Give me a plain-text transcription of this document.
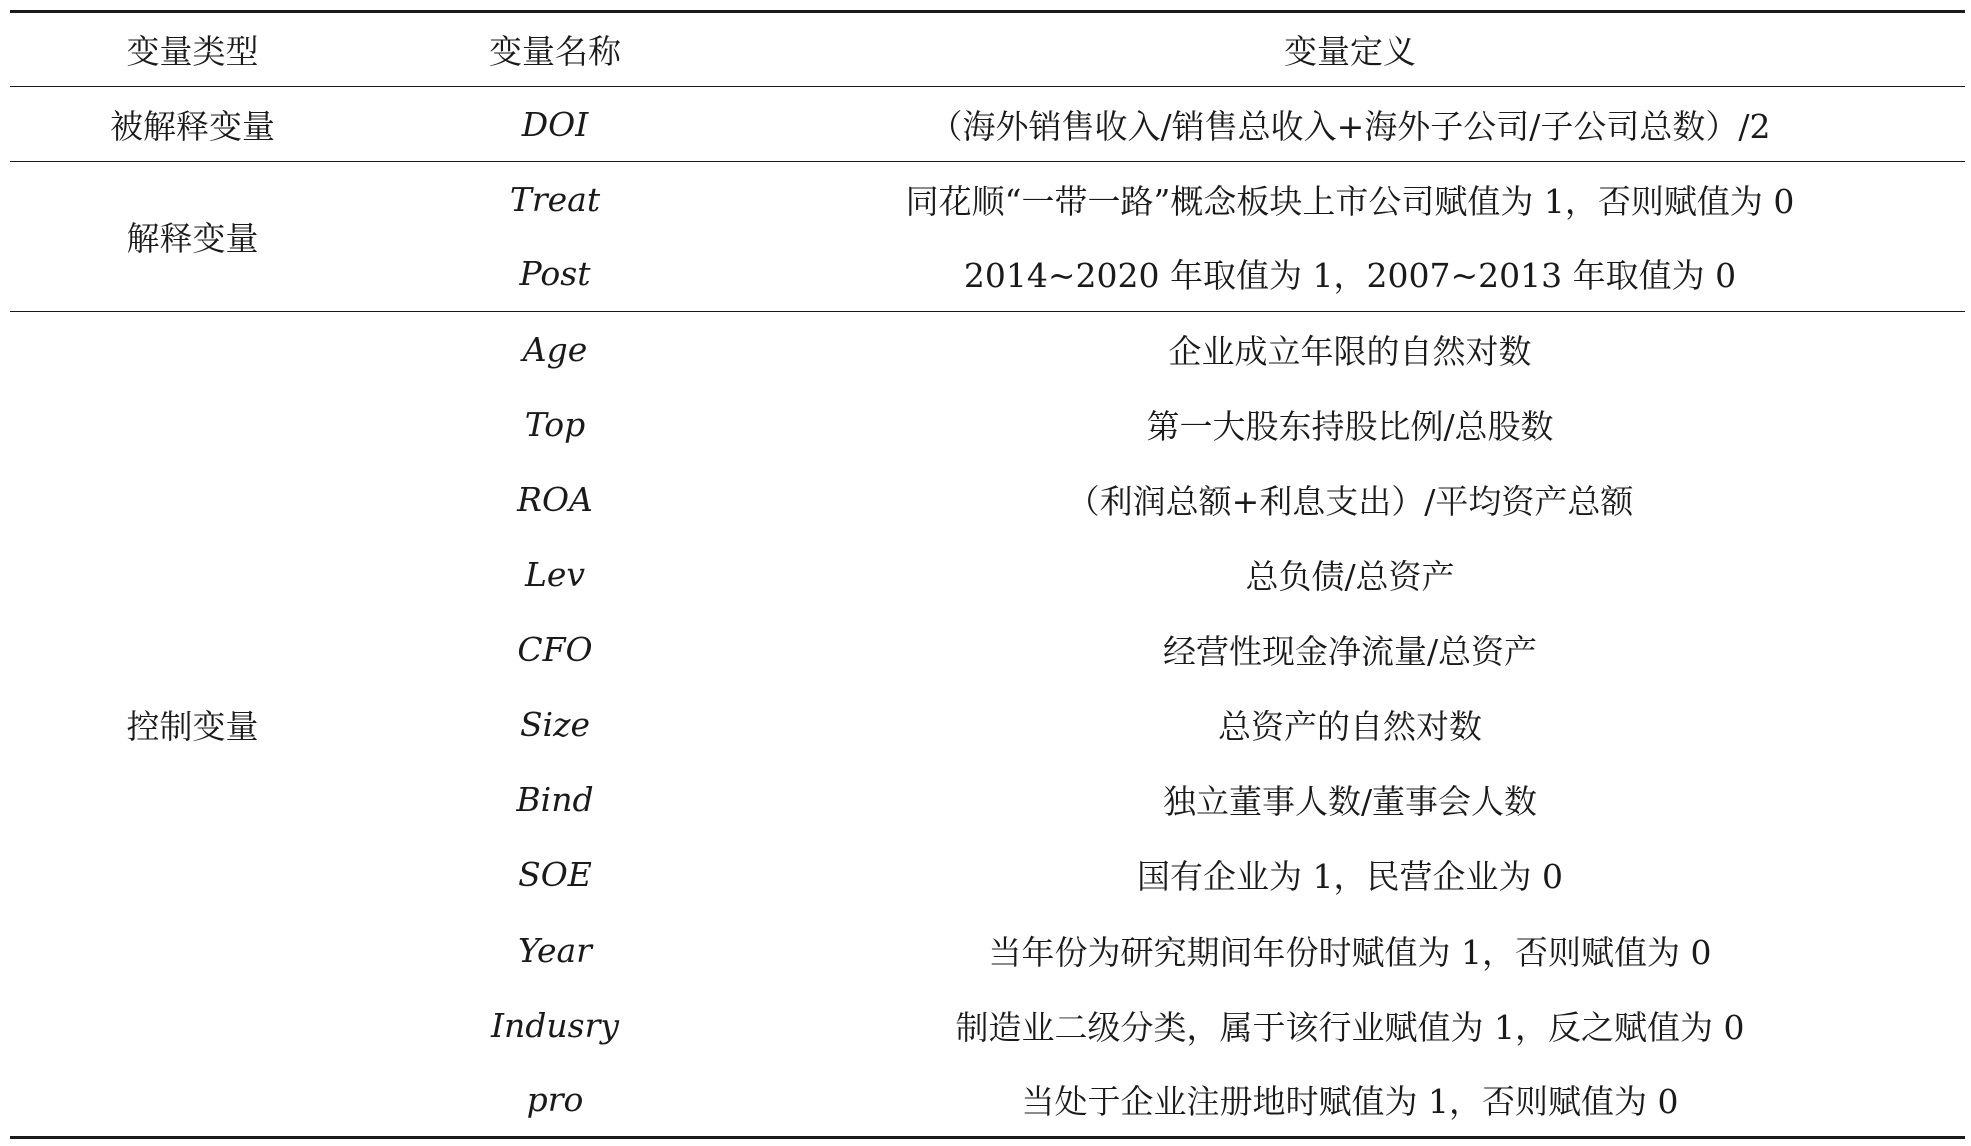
变量类型	变量名称	变量定义
被解释变量	DOI	（海外销售收入/销售总收入+海外子公司/子公司总数）/2
解释变量	Treat	同花顺“一带一路”概念板块上市公司赋值为 1，否则赋值为 0
	Post	2014~2020 年取值为 1，2007~2013 年取值为 0
控制变量	Age	企业成立年限的自然对数
	Top	第一大股东持股比例/总股数
	ROA	（利润总额+利息支出）/平均资产总额
	Lev	总负债/总资产
	CFO	经营性现金净流量/总资产
	Size	总资产的自然对数
	Bind	独立董事人数/董事会人数
	SOE	国有企业为 1，民营企业为 0
	Year	当年份为研究期间年份时赋值为 1，否则赋值为 0
	Indusry	制造业二级分类，属于该行业赋值为 1，反之赋值为 0
	pro	当处于企业注册地时赋值为 1，否则赋值为 0
